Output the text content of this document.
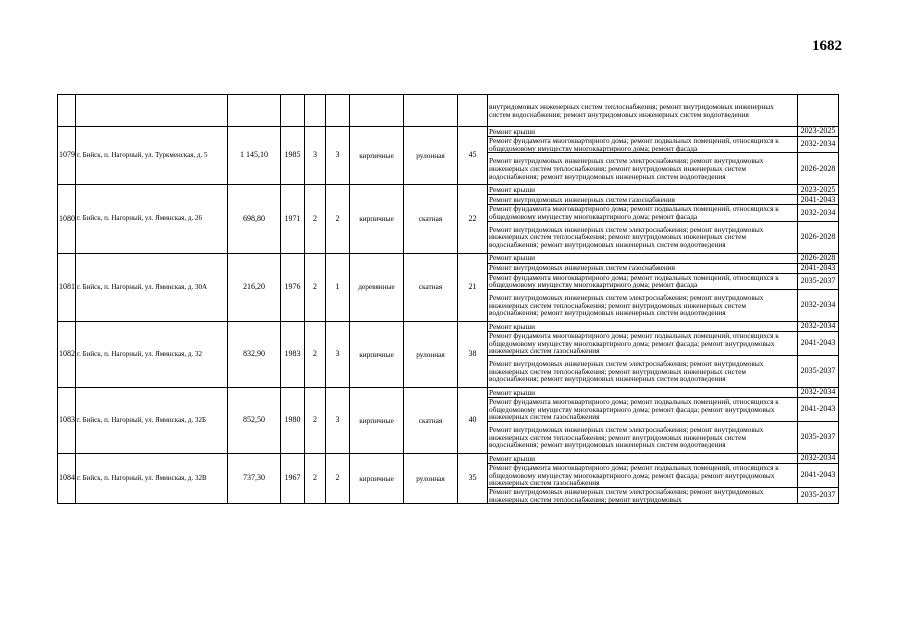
1682
									внутридомовых инженерных систем теплоснабжения; ремонт внутридомовых инженерных систем водоснабжения; ремонт внутридомовых инженерных систем водоотведения	
1079	г. Бийск, п. Нагорный, ул. Туркменская, д. 5	1 145,10	1985	3	3	кирпичные	рулонная	45	Ремонт крыши	2023-2025
									Ремонт фундамента многоквартирного дома; ремонт подвальных помещений, относящихся к общедомовому имуществу многоквартирного дома; ремонт фасада	2032-2034
									Ремонт внутридомовых инженерных систем электроснабжения; ремонт внутридомовых инженерных систем теплоснабжения; ремонт внутридомовых инженерных систем водоснабжения; ремонт внутридомовых инженерных систем водоотведения	2026-2028
1080	г. Бийск, п. Нагорный, ул. Яминская, д. 26	698,80	1971	2	2	кирпичные	скатная	22	Ремонт крыши	2023-2025
									Ремонт внутридомовых инженерных систем газоснабжения	2041-2043
									Ремонт фундамента многоквартирного дома; ремонт подвальных помещений, относящихся к общедомовому имуществу многоквартирного дома; ремонт фасада	2032-2034
									Ремонт внутридомовых инженерных систем электроснабжения; ремонт внутридомовых инженерных систем теплоснабжения; ремонт внутридомовых инженерных систем водоснабжения; ремонт внутридомовых инженерных систем водоотведения	2026-2028
1081	г. Бийск, п. Нагорный, ул. Яминская, д. 30А	216,20	1976	2	1	деревянные	скатная	21	Ремонт крыши	2026-2028
									Ремонт внутридомовых инженерных систем газоснабжения	2041-2043
									Ремонт фундамента многоквартирного дома; ремонт подвальных помещений, относящихся к общедомовому имуществу многоквартирного дома; ремонт фасада	2035-2037
									Ремонт внутридомовых инженерных систем электроснабжения; ремонт внутридомовых инженерных систем теплоснабжения; ремонт внутридомовых инженерных систем водоснабжения; ремонт внутридомовых инженерных систем водоотведения	2032-2034
1082	г. Бийск, п. Нагорный, ул. Яминская, д. 32	832,90	1983	2	3	кирпичные	рулонная	38	Ремонт крыши	2032-2034
									Ремонт фундамента многоквартирного дома; ремонт подвальных помещений, относящихся к общедомовому имуществу многоквартирного дома; ремонт фасада; ремонт внутридомовых инженерных систем газоснабжения	2041-2043
									Ремонт внутридомовых инженерных систем электроснабжения; ремонт внутридомовых инженерных систем теплоснабжения; ремонт внутридомовых инженерных систем водоснабжения; ремонт внутридомовых инженерных систем водоотведения	2035-2037
1083	г. Бийск, п. Нагорный, ул. Яминская, д. 32Б	852,50	1980	2	3	кирпичные	скатная	40	Ремонт крыши	2032-2034
									Ремонт фундамента многоквартирного дома; ремонт подвальных помещений, относящихся к общедомовому имуществу многоквартирного дома; ремонт фасада; ремонт внутридомовых инженерных систем газоснабжения	2041-2043
									Ремонт внутридомовых инженерных систем электроснабжения; ремонт внутридомовых инженерных систем теплоснабжения; ремонт внутридомовых инженерных систем водоснабжения; ремонт внутридомовых инженерных систем водоотведения	2035-2037
1084	г. Бийск, п. Нагорный, ул. Яминская, д. 32В	737,30	1967	2	2	кирпичные	рулонная	35	Ремонт крыши	2032-2034
									Ремонт фундамента многоквартирного дома; ремонт подвальных помещений, относящихся к общедомовому имуществу многоквартирного дома; ремонт фасада; ремонт внутридомовых инженерных систем газоснабжения	2041-2043
									Ремонт внутридомовых инженерных систем электроснабжения; ремонт внутридомовых инженерных систем теплоснабжения; ремонт внутридомовых	2035-2037
